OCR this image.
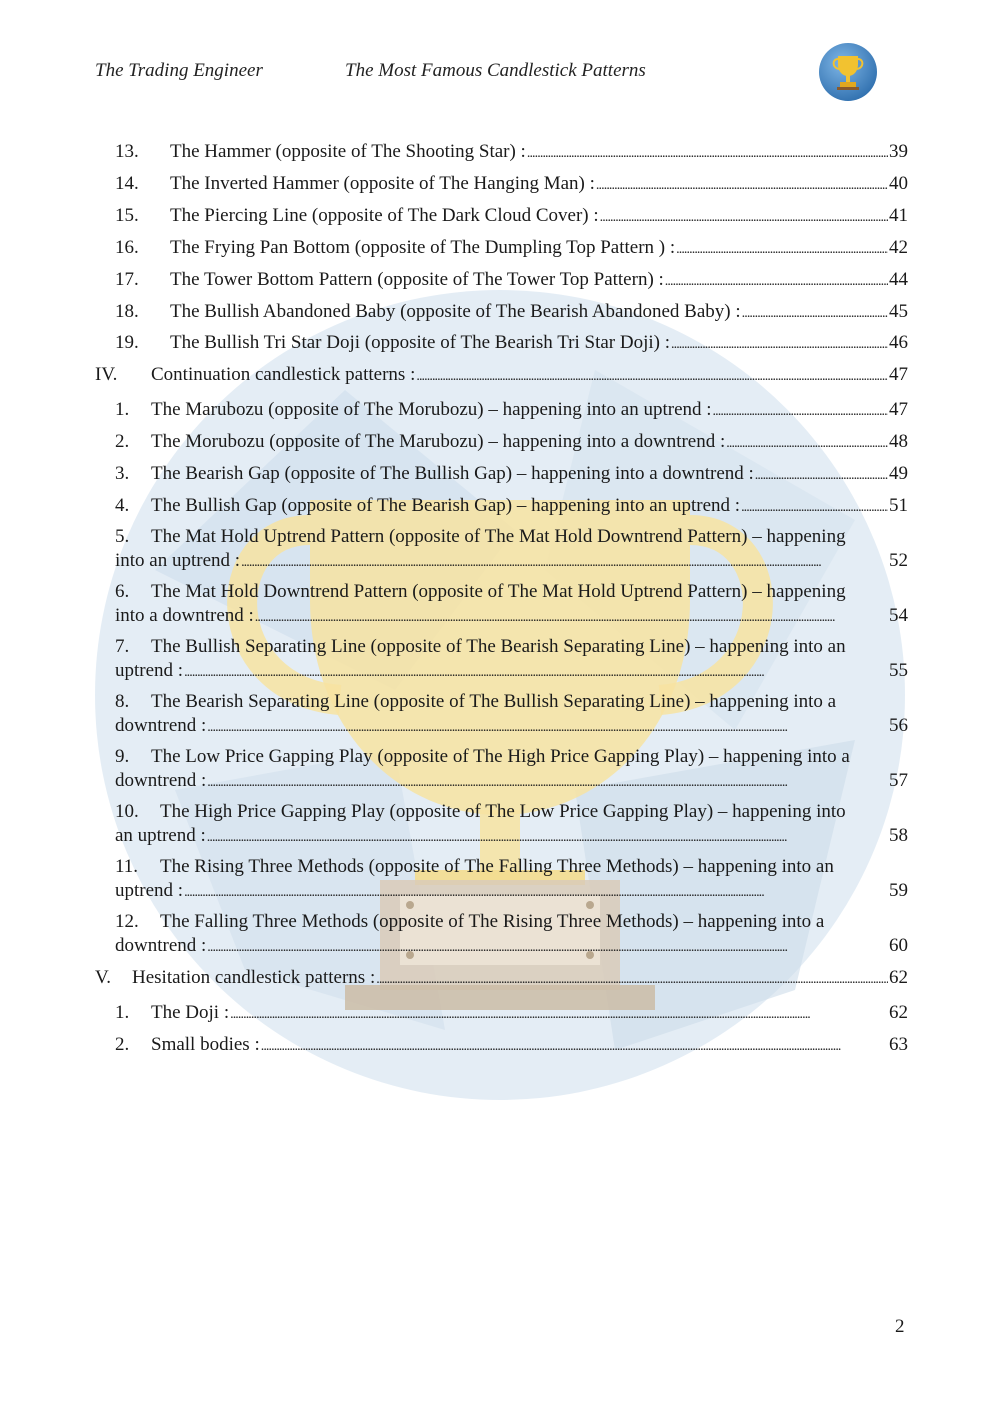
The Trading Engineer	The Most Famous Candlestick Patterns
13.	The Hammer (opposite of The Shooting Star) : . . .	39
14.	The Inverted Hammer (opposite of The Hanging Man) : . . .	40
15.	The Piercing Line (opposite of The Dark Cloud Cover) : . . .	41
16.	The Frying Pan Bottom (opposite of The Dumpling Top Pattern ) : . . .	42
17.	The Tower Bottom Pattern (opposite of The Tower Top Pattern) : . . .	44
18.	The Bullish Abandoned Baby (opposite of The Bearish Abandoned Baby) : . . .	45
19.	The Bullish Tri Star Doji (opposite of The Bearish Tri Star Doji) : . . .	46
IV.	Continuation candlestick patterns : . . .	47
1.	The Marubozu (opposite of The Morubozu) – happening into an uptrend : . . .	47
2.	The Morubozu (opposite of The Marubozu) – happening into a downtrend : . . .	48
3.	The Bearish Gap (opposite of The Bullish Gap) – happening into a downtrend : . . .	49
4.	The Bullish Gap (opposite of The Bearish Gap) – happening into an uptrend : . . .	51
5.	The Mat Hold Uptrend Pattern (opposite of The Mat Hold Downtrend Pattern) – happening
into an uptrend : . . .	52
6.	The Mat Hold Downtrend Pattern (opposite of The Mat Hold Uptrend Pattern) – happening
into a downtrend : . . .	54
7.	The Bullish Separating Line (opposite of The Bearish Separating Line) – happening into an
uptrend : . . .	55
8.	The Bearish Separating Line (opposite of The Bullish Separating Line) – happening into a
downtrend : . . .	56
9.	The Low Price Gapping Play (opposite of The High Price Gapping Play) – happening into a
downtrend : . . .	57
10.	The High Price Gapping Play (opposite of The Low Price Gapping Play) – happening into
an uptrend : . . .	58
11.	The Rising Three Methods (opposite of The Falling Three Methods) – happening into an
uptrend : . . .	59
12.	The Falling Three Methods (opposite of The Rising Three Methods) – happening into a
downtrend : . . .	60
V.	Hesitation candlestick patterns : . . .	62
1.	The Doji : . . .	62
2.	Small bodies : . . .	63
2
